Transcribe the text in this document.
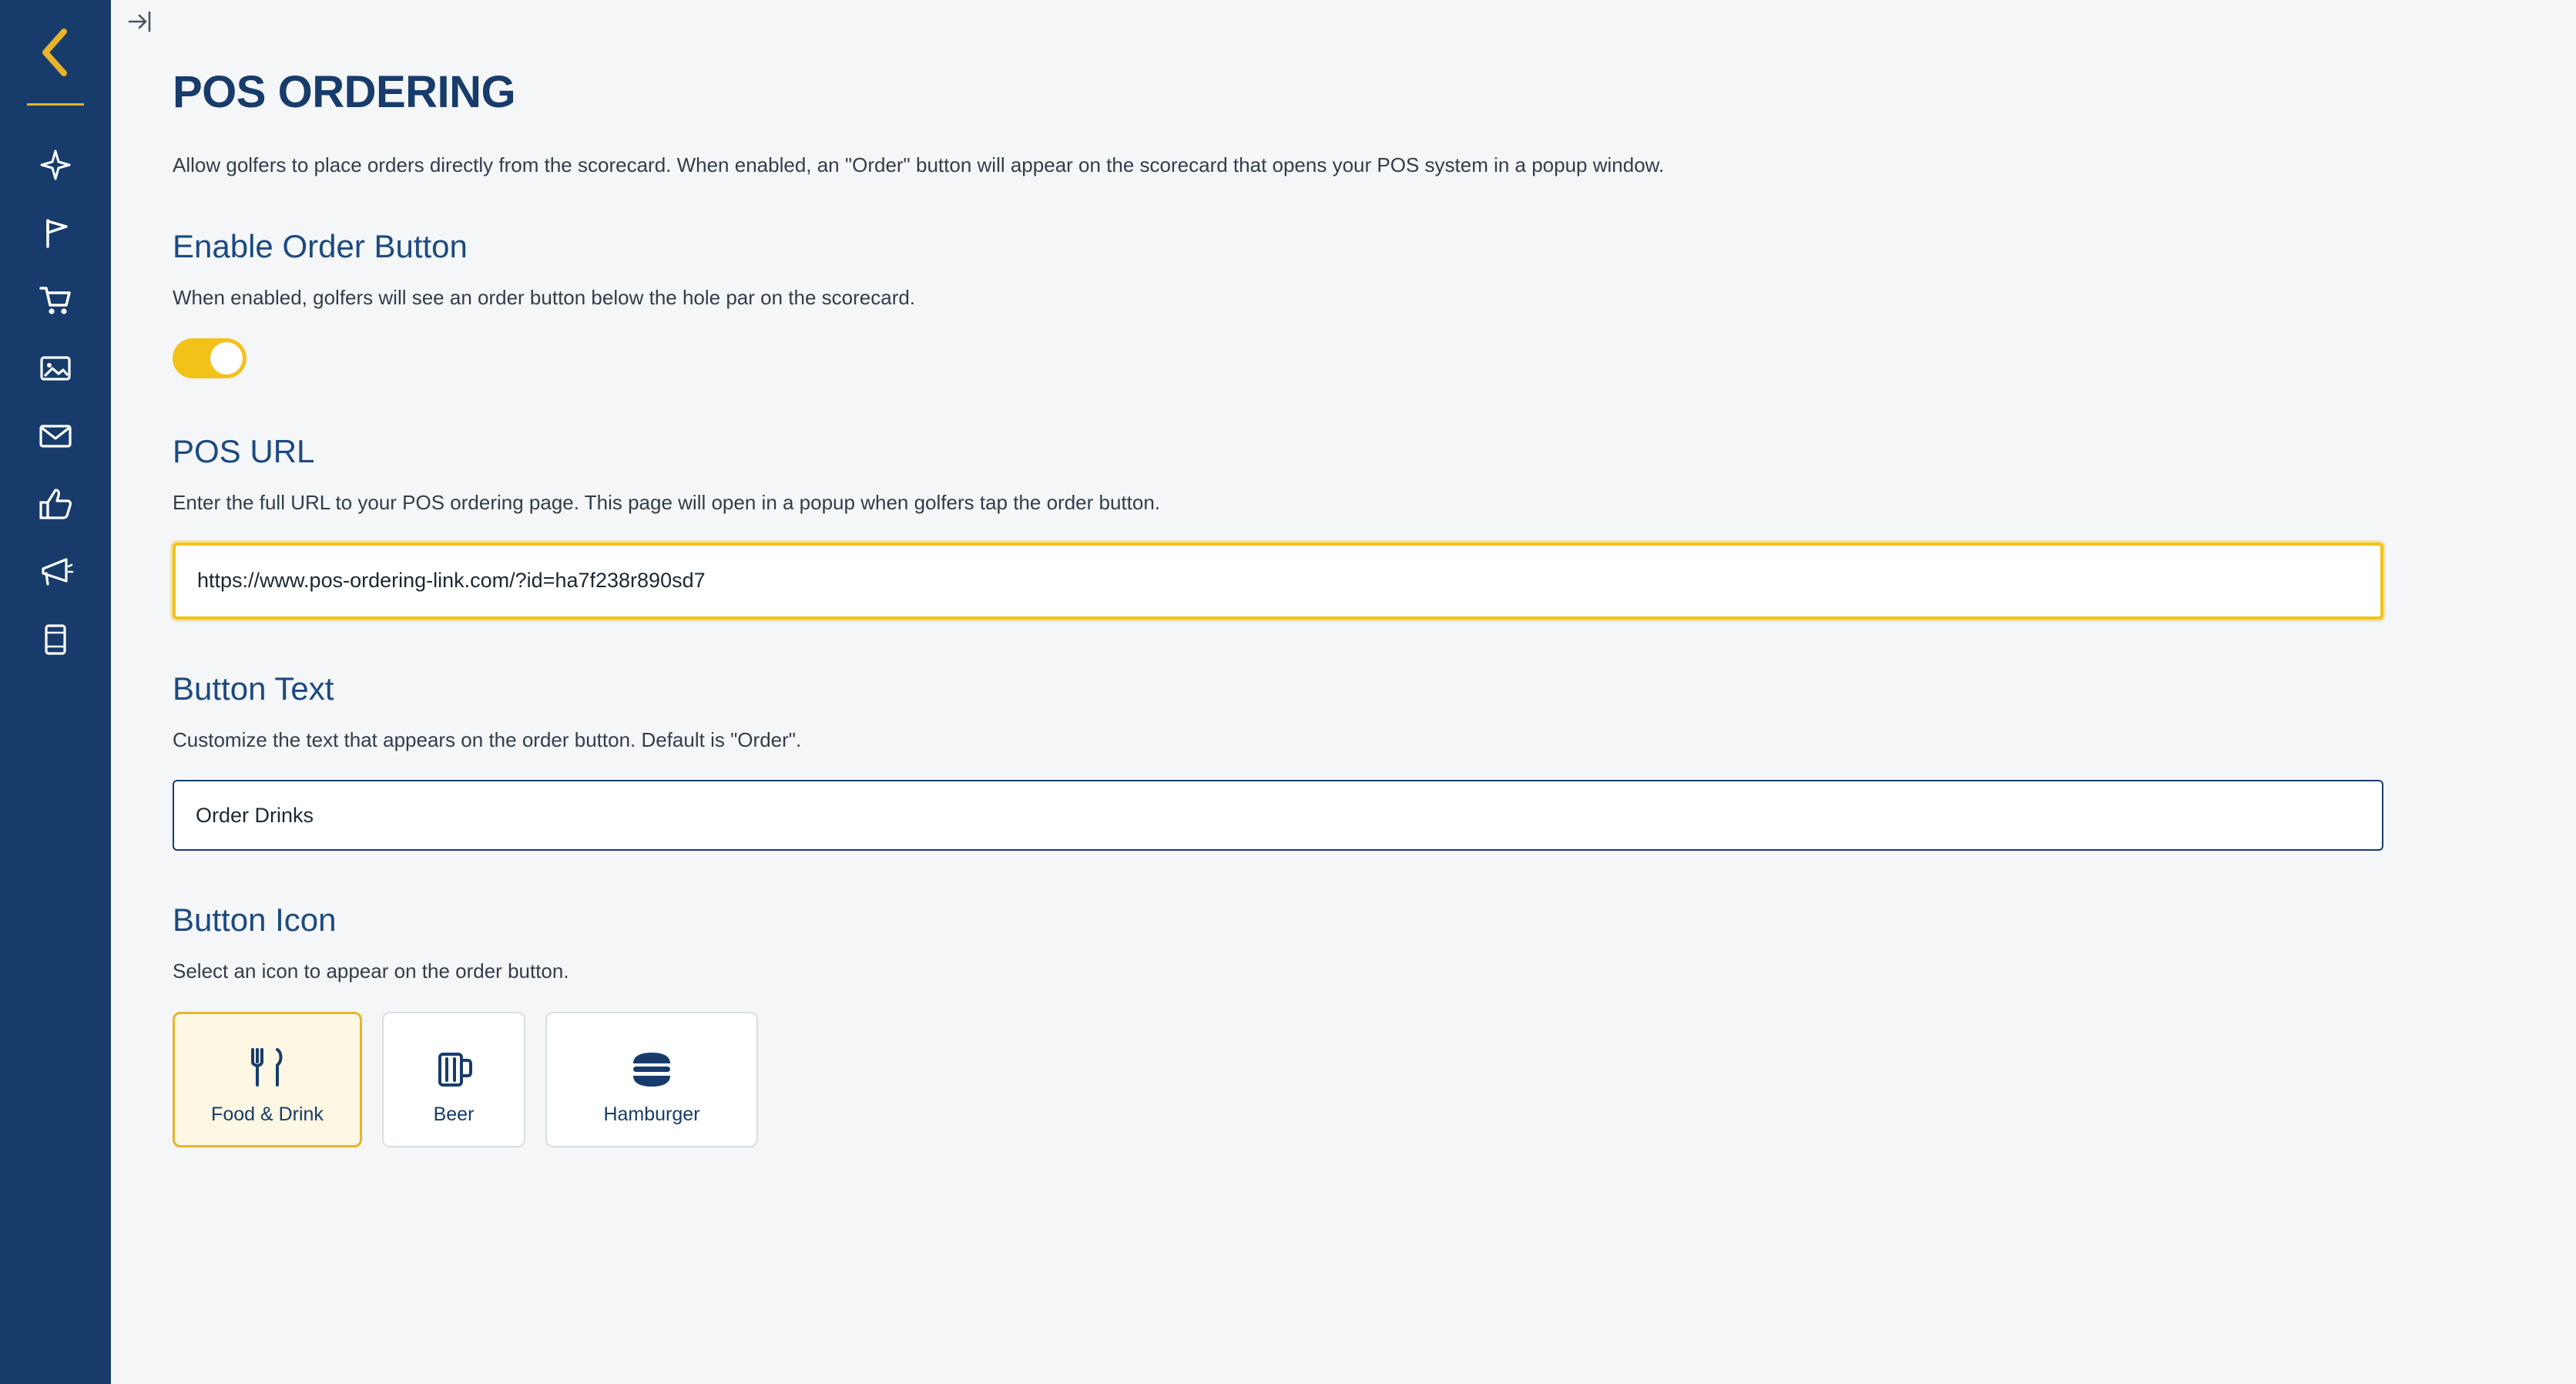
POS ORDERING

Allow golfers to place orders directly from the scorecard. When enabled, an "Order" button will appear on the scorecard that opens your POS system in a popup window.

Enable Order Button

When enabled, golfers will see an order button below the hole par on the scorecard.

POS URL

Enter the full URL to your POS ordering page. This page will open in a popup when golfers tap the order button.

https://www.pos-ordering-link.com/?id=ha7f238r890sd7
Button Text

Customize the text that appears on the order button. Default is "Order".

Order Drinks
Button Icon

Select an icon to appear on the order button.

Food & Drink	Beer	Hamburger
